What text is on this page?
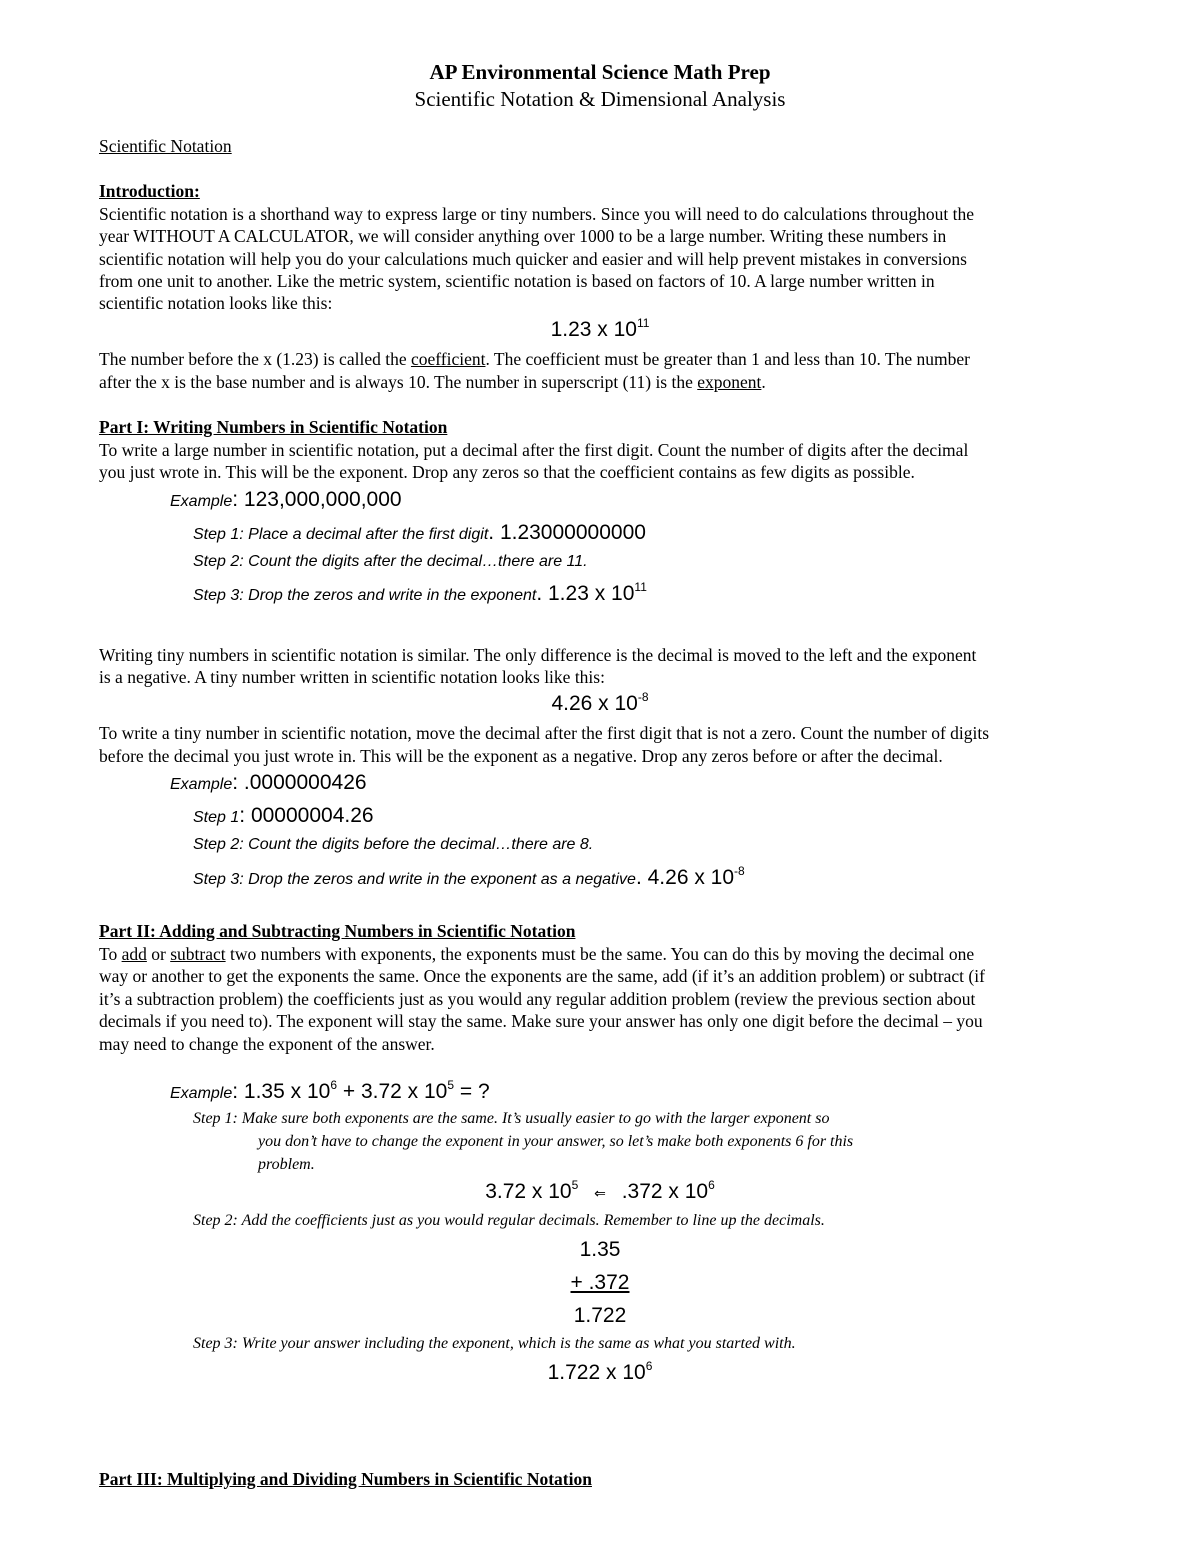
AP Environmental Science Math Prep
Scientific Notation & Dimensional Analysis
Scientific Notation
Introduction:
Scientific notation is a shorthand way to express large or tiny numbers. Since you will need to do calculations throughout the
year WITHOUT A CALCULATOR, we will consider anything over 1000 to be a large number. Writing these numbers in
scientific notation will help you do your calculations much quicker and easier and will help prevent mistakes in conversions
from one unit to another. Like the metric system, scientific notation is based on factors of 10. A large number written in
scientific notation looks like this:
1.23 x $10^{11}$
The number before the x (1.23) is called the coefficient. The coefficient must be greater than 1 and less than 10. The number
after the x is the base number and is always 10. The number in superscript (11) is the exponent.
Part I: Writing Numbers in Scientific Notation
To write a large number in scientific notation, put a decimal after the first digit. Count the number of digits after the decimal
you just wrote in. This will be the exponent. Drop any zeros so that the coefficient contains as few digits as possible.
Example: 123,000,000,000
Step 1: Place a decimal after the first digit. 1.23000000000
Step 2: Count the digits after the decimal…there are 11.
Step 3: Drop the zeros and write in the exponent. 1.23 x $10^{11}$
Writing tiny numbers in scientific notation is similar. The only difference is the decimal is moved to the left and the exponent
is a negative. A tiny number written in scientific notation looks like this:
4.26 x $10^{-8}$
To write a tiny number in scientific notation, move the decimal after the first digit that is not a zero. Count the number of digits
before the decimal you just wrote in. This will be the exponent as a negative. Drop any zeros before or after the decimal.
Example: .0000000426
Step 1: 00000004.26
Step 2: Count the digits before the decimal…there are 8.
Step 3: Drop the zeros and write in the exponent as a negative. 4.26 x $10^{-8}$
Part II: Adding and Subtracting Numbers in Scientific Notation
To add or subtract two numbers with exponents, the exponents must be the same. You can do this by moving the decimal one
way or another to get the exponents the same. Once the exponents are the same, add (if it’s an addition problem) or subtract (if
it’s a subtraction problem) the coefficients just as you would any regular addition problem (review the previous section about
decimals if you need to). The exponent will stay the same. Make sure your answer has only one digit before the decimal – you
may need to change the exponent of the answer.
Example: 1.35 x $10^6 + 3.72$ x $10^5$ = ?
Step 1: Make sure both exponents are the same. It’s usually easier to go with the larger exponent so
you don’t have to change the exponent in your answer, so let’s make both exponents 6 for this
problem.
3.72 x $10^5$ ⇐ .372 x $10^6$
Step 2: Add the coefficients just as you would regular decimals. Remember to line up the decimals.
1.35
+ .372
1.722
Step 3: Write your answer including the exponent, which is the same as what you started with.
1.722 x $10^6$
Part III: Multiplying and Dividing Numbers in Scientific Notation
